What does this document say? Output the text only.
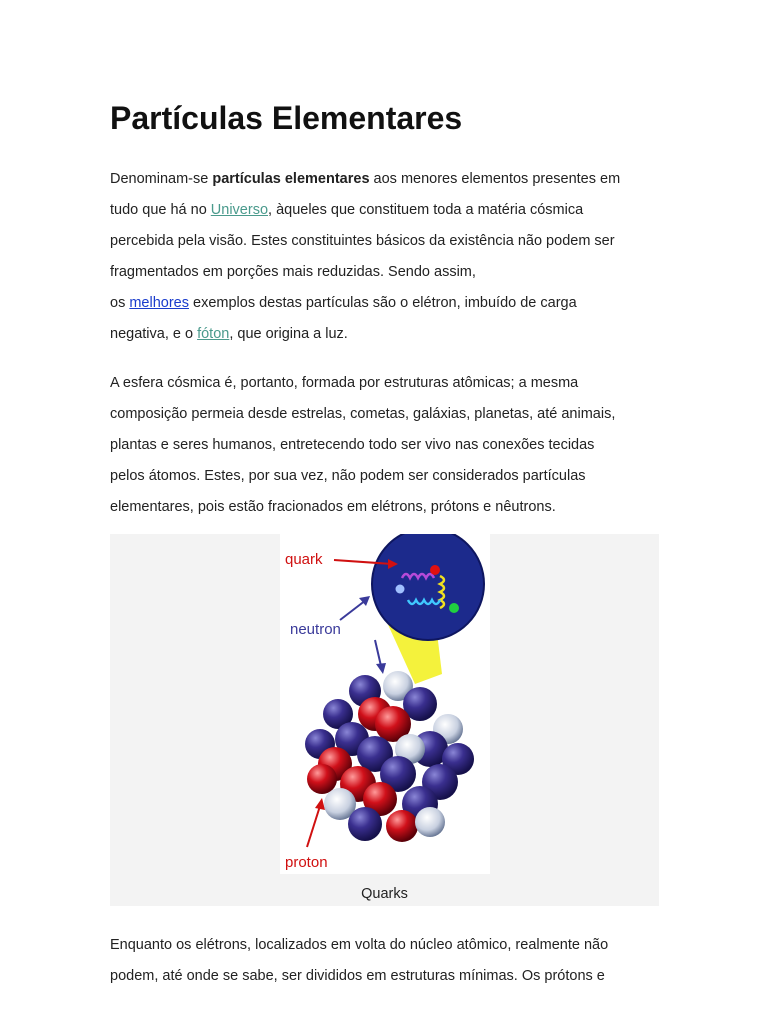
Partículas Elementares

Denominam-se partículas elementares aos menores elementos presentes em
tudo que há no Universo, àqueles que constituem toda a matéria cósmica
percebida pela visão. Estes constituintes básicos da existência não podem ser
fragmentados em porções mais reduzidas. Sendo assim,
os melhores exemplos destas partículas são o elétron, imbuído de carga
negativa, e o fóton, que origina a luz.

A esfera cósmica é, portanto, formada por estruturas atômicas; a mesma
composição permeia desde estrelas, cometas, galáxias, planetas, até animais,
plantas e seres humanos, entretecendo todo ser vivo nas conexões tecidas
pelos átomos. Estes, por sua vez, não podem ser considerados partículas
elementares, pois estão fracionados em elétrons, prótons e nêutrons.

quark
neutron
proton
Quarks

Enquanto os elétrons, localizados em volta do núcleo atômico, realmente não
podem, até onde se sabe, ser divididos em estruturas mínimas. Os prótons e
